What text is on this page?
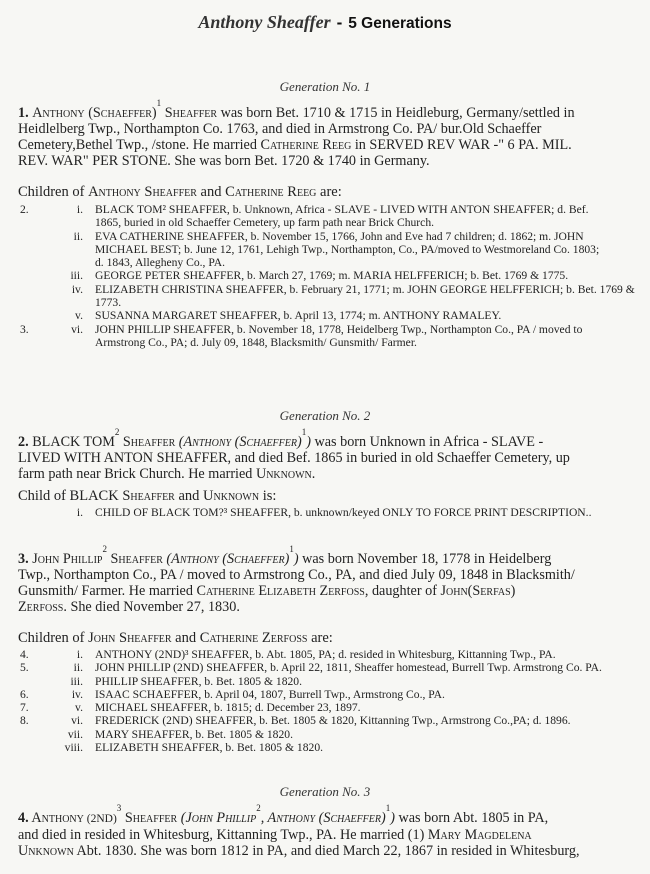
Anthony Sheaffer - 5 Generations
Generation No. 1
1. Anthony (Schaeffer)$^1$ Sheaffer was born Bet. 1710 & 1715 in Heidleburg, Germany/settled in
Heidlelberg Twp., Northampton Co. 1763, and died in Armstrong Co. PA/ bur.Old Schaeffer
Cemetery,Bethel Twp., /stone. He married Catherine Reeg in SERVED REV WAR -" 6 PA. MIL.
REV. WAR" PER STONE. She was born Bet. 1720 & 1740 in Germany.
Children of Anthony Sheaffer and Catherine Reeg are:
2.	i. BLACK TOM² SHEAFFER, b. Unknown, Africa - SLAVE - LIVED WITH ANTON SHEAFFER; d. Bef.
1865, buried in old Schaeffer Cemetery, up farm path near Brick Church.
ii. EVA CATHERINE SHEAFFER, b. November 15, 1766, John and Eve had 7 children; d. 1862; m. JOHN
MICHAEL BEST; b. June 12, 1761, Lehigh Twp., Northampton, Co., PA/moved to Westmoreland Co. 1803;
d. 1843, Allegheny Co., PA.
iii. GEORGE PETER SHEAFFER, b. March 27, 1769; m. MARIA HELFFERICH; b. Bet. 1769 & 1775.
iv. ELIZABETH CHRISTINA SHEAFFER, b. February 21, 1771; m. JOHN GEORGE HELFFERICH; b. Bet. 1769 &
1773.
v. SUSANNA MARGARET SHEAFFER, b. April 13, 1774; m. ANTHONY RAMALEY.
3.	vi. JOHN PHILLIP SHEAFFER, b. November 18, 1778, Heidelberg Twp., Northampton Co., PA / moved to
Armstrong Co., PA; d. July 09, 1848, Blacksmith/ Gunsmith/ Farmer.
Generation No. 2
2. BLACK TOM$^2$ Sheaffer (Anthony (Schaeffer)$^1$) was born Unknown in Africa - SLAVE -
LIVED WITH ANTON SHEAFFER, and died Bef. 1865 in buried in old Schaeffer Cemetery, up
farm path near Brick Church. He married Unknown.
Child of BLACK Sheaffer and Unknown is:
i. CHILD OF BLACK TOM?³ SHEAFFER, b. unknown/keyed ONLY TO FORCE PRINT DESCRIPTION..
3. John Phillip$^2$ Sheaffer (Anthony (Schaeffer)$^1$) was born November 18, 1778 in Heidelberg
Twp., Northampton Co., PA / moved to Armstrong Co., PA, and died July 09, 1848 in Blacksmith/
Gunsmith/ Farmer. He married Catherine Elizabeth Zerfoss, daughter of John(Serfas)
Zerfoss. She died November 27, 1830.
Children of John Sheaffer and Catherine Zerfoss are:
4.	i. ANTHONY (2ND)³ SHEAFFER, b. Abt. 1805, PA; d. resided in Whitesburg, Kittanning Twp., PA.
5.	ii. JOHN PHILLIP (2ND) SHEAFFER, b. April 22, 1811, Sheaffer homestead, Burrell Twp. Armstrong Co. PA.
iii. PHILLIP SHEAFFER, b. Bet. 1805 & 1820.
6.	iv. ISAAC SCHAEFFER, b. April 04, 1807, Burrell Twp., Armstrong Co., PA.
7.	v. MICHAEL SHEAFFER, b. 1815; d. December 23, 1897.
8.	vi. FREDERICK (2ND) SHEAFFER, b. Bet. 1805 & 1820, Kittanning Twp., Armstrong Co.,PA; d. 1896.
vii. MARY SHEAFFER, b. Bet. 1805 & 1820.
viii. ELIZABETH SHEAFFER, b. Bet. 1805 & 1820.
Generation No. 3
4. Anthony $(2ND)^3$ Sheaffer (John Phillip$^2$, Anthony (Schaeffer)$^1$) was born Abt. 1805 in PA,
and died in resided in Whitesburg, Kittanning Twp., PA. He married (1) Mary Magdelena
Unknown Abt. 1830. She was born 1812 in PA, and died March 22, 1867 in resided in Whitesburg,
